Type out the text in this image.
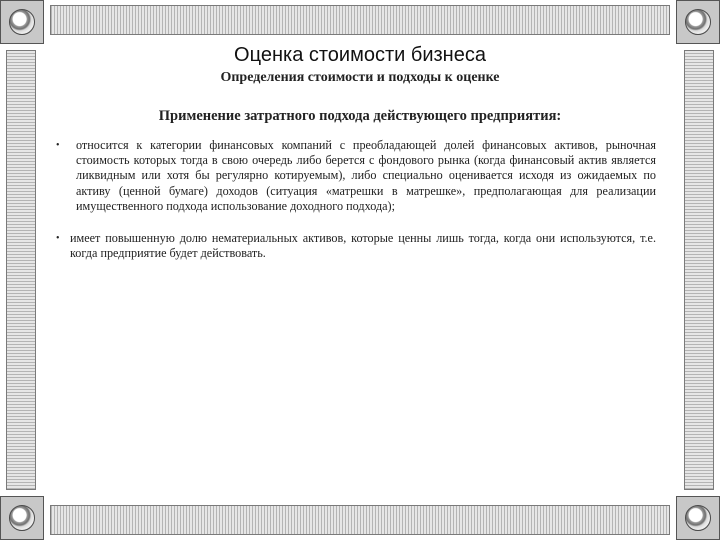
Оценка стоимости бизнеса
Определения стоимости и подходы к оценке
Применение затратного подхода действующего предприятия:
• относится к категории финансовых компаний с преобладающей долей финансовых активов, рыночная стоимость которых тогда в свою очередь либо берется с фондового рынка (когда финансовый актив является ликвидным или хотя бы регулярно котируемым), либо специально оценивается исходя из ожидаемых по активу (ценной бумаге) доходов (ситуация «матрешки в матрешке», предполагающая для реализации имущественного подхода использование доходного подхода);
• имеет повышенную долю нематериальных активов, которые ценны лишь тогда, когда они используются, т.е. когда предприятие будет действовать.
